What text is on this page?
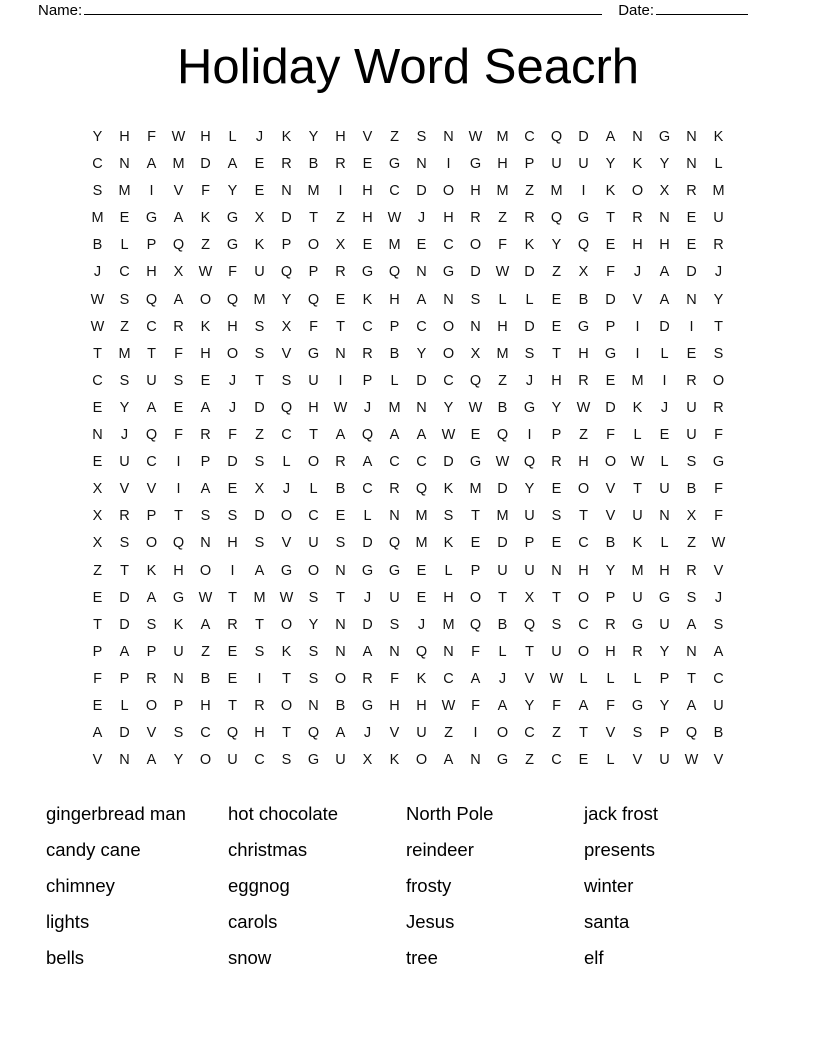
Name:	Date:
Holiday Word Seacrh
Y H F W H L J K Y H V Z S N W M C Q D A N G N K
C N A M D A E R B R E G N I G H P U U Y K Y N L
S M I V F Y E N M I H C D O H M Z M I K O X R M
M E G A K G X D T Z H W J H R Z R Q G T R N E U
B L P Q Z G K P O X E M E C O F K Y Q E H H E R
J C H X W F U Q P R G Q N G D W D Z X F J A D J
W S Q A O Q M Y Q E K H A N S L L E B D V A N Y
W Z C R K H S X F T C P C O N H D E G P I D I T
T M T F H O S V G N R B Y O X M S T H G I L E S
C S U S E J T S U I P L D C Q Z J H R E M I R O
E Y A E A J D Q H W J M N Y W B G Y W D K J U R
N J Q F R F Z C T A Q A A W E Q I P Z F L E U F
E U C I P D S L O R A C C D G W Q R H O W L S G
X V V I A E X J L B C R Q K M D Y E O V T U B F
X R P T S S D O C E L N M S T M U S T V U N X F
X S O Q N H S V U S D Q M K E D P E C B K L Z W
Z T K H O I A G O N G G E L P U U N H Y M H R V
E D A G W T M W S T J U E H O T X T O P U G S J
T D S K A R T O Y N D S J M Q B Q S C R G U A S
P A P U Z E S K S N A N Q N F L T U O H R Y N A
F P R N B E I T S O R F K C A J V W L L L P T C
E L O P H T R O N B G H H W F A Y F A F G Y A U
A D V S C Q H T Q A J V U Z I O C Z T V S P Q B
V N A Y O U C S G U X K O A N G Z C E L V U W V
gingerbread man	hot chocolate	North Pole	jack frost
candy cane	christmas	reindeer	presents
chimney	eggnog	frosty	winter
lights	carols	Jesus	santa
bells	snow	tree	elf
